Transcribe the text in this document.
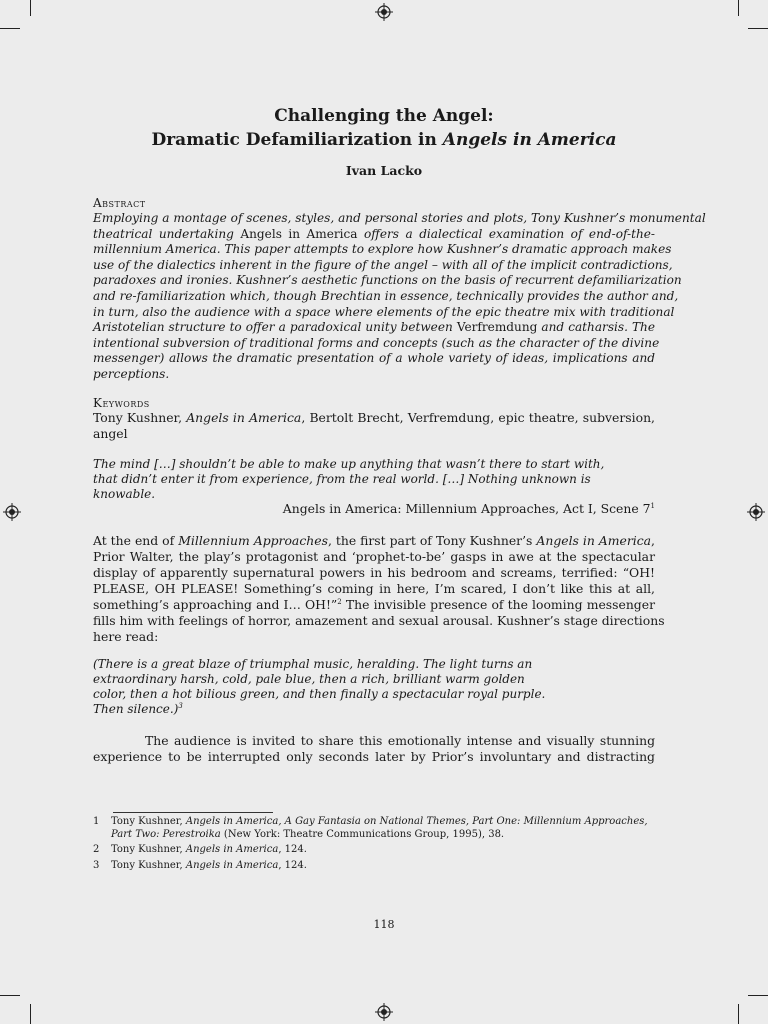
Challenging the Angel:
Dramatic Defamiliarization in Angels in America
Ivan Lacko
Abstract
Employing a montage of scenes, styles, and personal stories and plots, Tony Kushner’s monumental
theatrical undertaking Angels in America offers a dialectical examination of end-of-the-
millennium America. This paper attempts to explore how Kushner’s dramatic approach makes
use of the dialectics inherent in the figure of the angel – with all of the implicit contradictions,
paradoxes and ironies. Kushner’s aesthetic functions on the basis of recurrent defamiliarization
and re-familiarization which, though Brechtian in essence, technically provides the author and,
in turn, also the audience with a space where elements of the epic theatre mix with traditional
Aristotelian structure to offer a paradoxical unity between Verfremdung and catharsis. The
intentional subversion of traditional forms and concepts (such as the character of the divine
messenger) allows the dramatic presentation of a whole variety of ideas, implications and
perceptions.
Keywords
Tony Kushner, Angels in America, Bertolt Brecht, Verfremdung, epic theatre, subversion,
angel
The mind […] shouldn’t be able to make up anything that wasn’t there to start with,
that didn’t enter it from experience, from the real world. […] Nothing unknown is
knowable.
Angels in America: Millennium Approaches, Act I, Scene $7^1$
At the end of Millennium Approaches, the first part of Tony Kushner’s Angels in America,
Prior Walter, the play’s protagonist and ‘prophet-to-be’ gasps in awe at the spectacular
display of apparently supernatural powers in his bedroom and screams, terrified: “OH!
PLEASE, OH PLEASE! Something’s coming in here, I’m scared, I don’t like this at all,
something’s approaching and I… OH!”$^2$ The invisible presence of the looming messenger
fills him with feelings of horror, amazement and sexual arousal. Kushner’s stage directions
here read:
(There is a great blaze of triumphal music, heralding. The light turns an
extraordinary harsh, cold, pale blue, then a rich, brilliant warm golden
color, then a hot bilious green, and then finally a spectacular royal purple.
Then silence.)$^3$
The audience is invited to share this emotionally intense and visually stunning
experience to be interrupted only seconds later by Prior’s involuntary and distracting
1 Tony Kushner, Angels in America, A Gay Fantasia on National Themes, Part One: Millennium Approaches, Part Two: Perestroika (New York: Theatre Communications Group, 1995), 38.
2 Tony Kushner, Angels in America, 124.
3 Tony Kushner, Angels in America, 124.
118
